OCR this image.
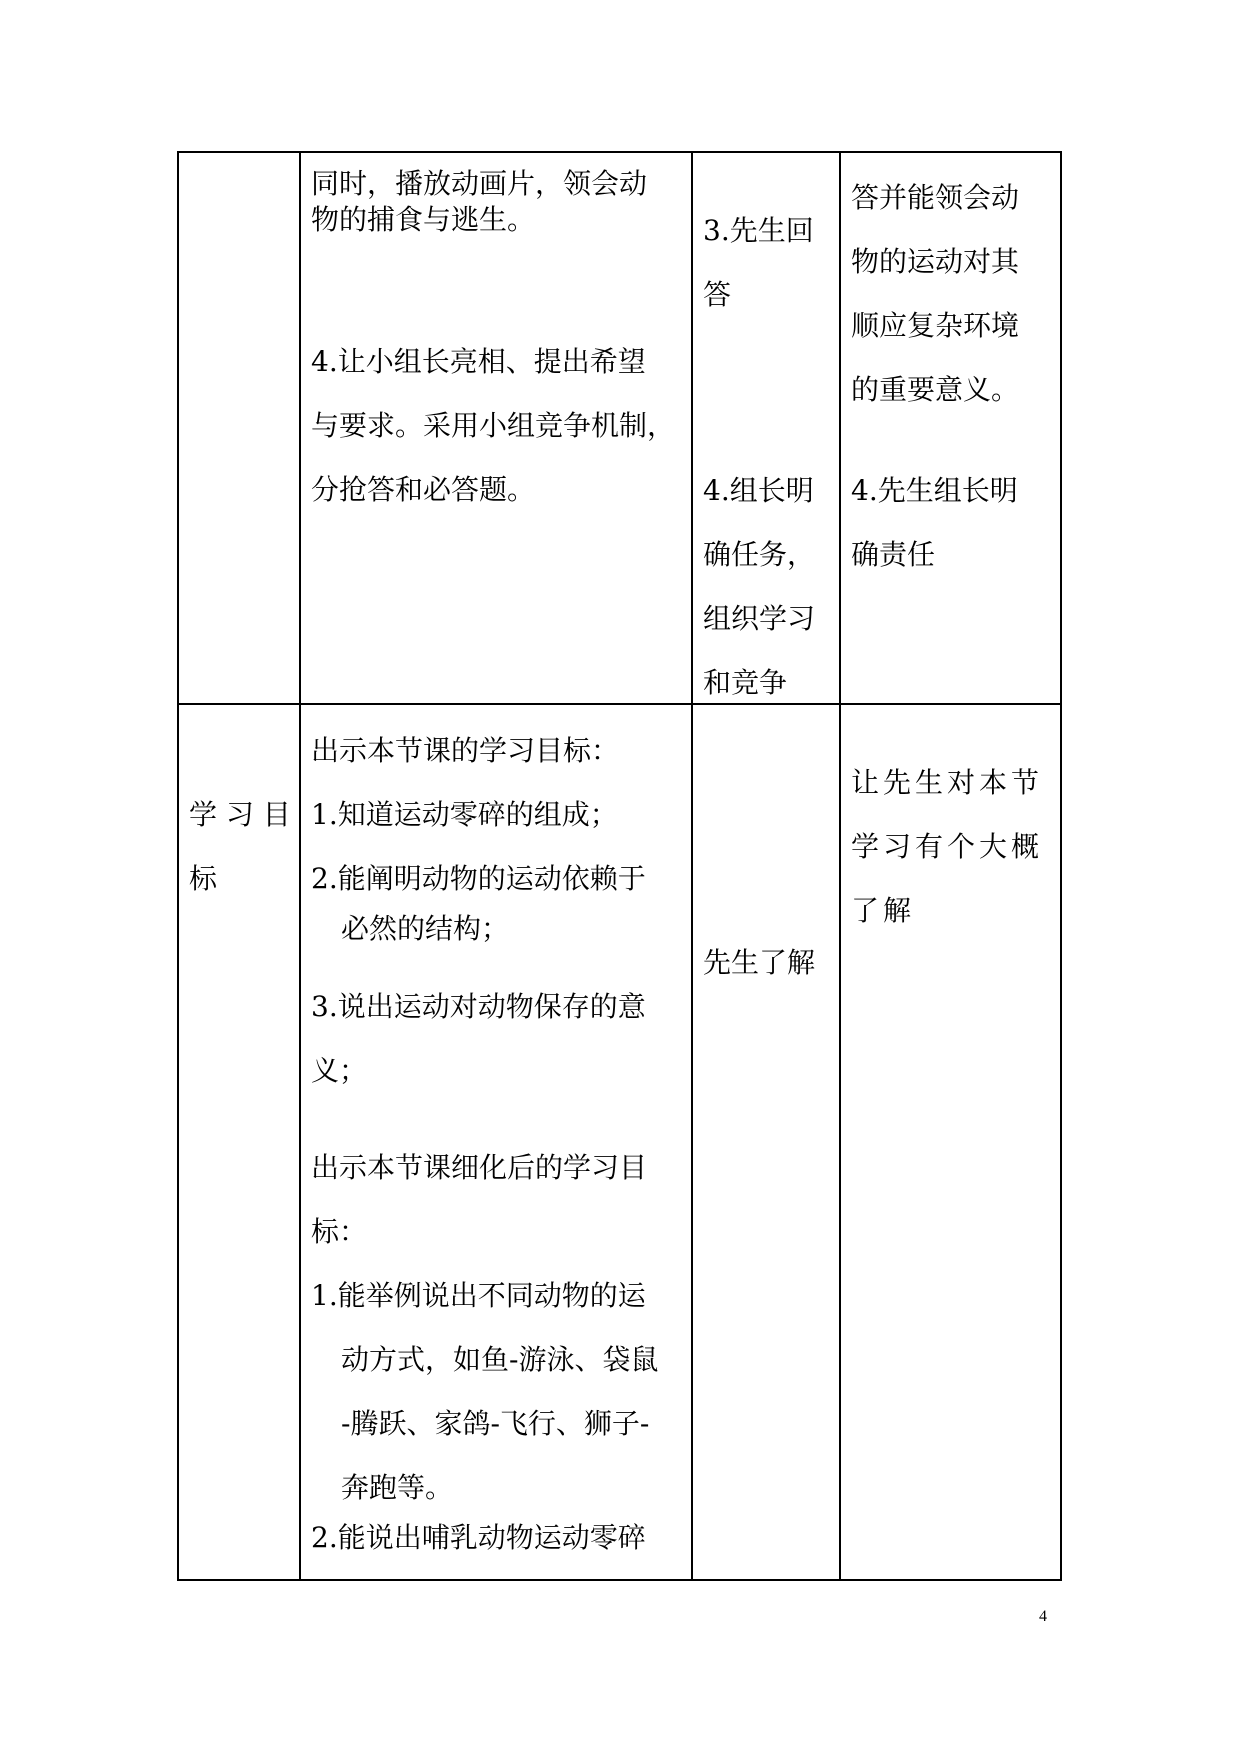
同时，播放动画片，领会动
物的捕食与逃生。
4.让小组长亮相、提出希望
与要求。采用小组竞争机制，
分抢答和必答题。
3.先生回
答
4.组长明
确任务，
组织学习
和竞争
答并能领会动
物的运动对其
顺应复杂环境
的重要意义。
4.先生组长明
确责任
学 习 目
标
出示本节课的学习目标：
1.知道运动零碎的组成；
2.能阐明动物的运动依赖于
必然的结构；
3.说出运动对动物保存的意
义；
出示本节课细化后的学习目
标：
1.能举例说出不同动物的运
动方式，如鱼-游泳、袋鼠
-腾跃、家鸽-飞行、狮子-
奔跑等。
2.能说出哺乳动物运动零碎
先生了解
让先生对本节
学习有个大概
了解
4
